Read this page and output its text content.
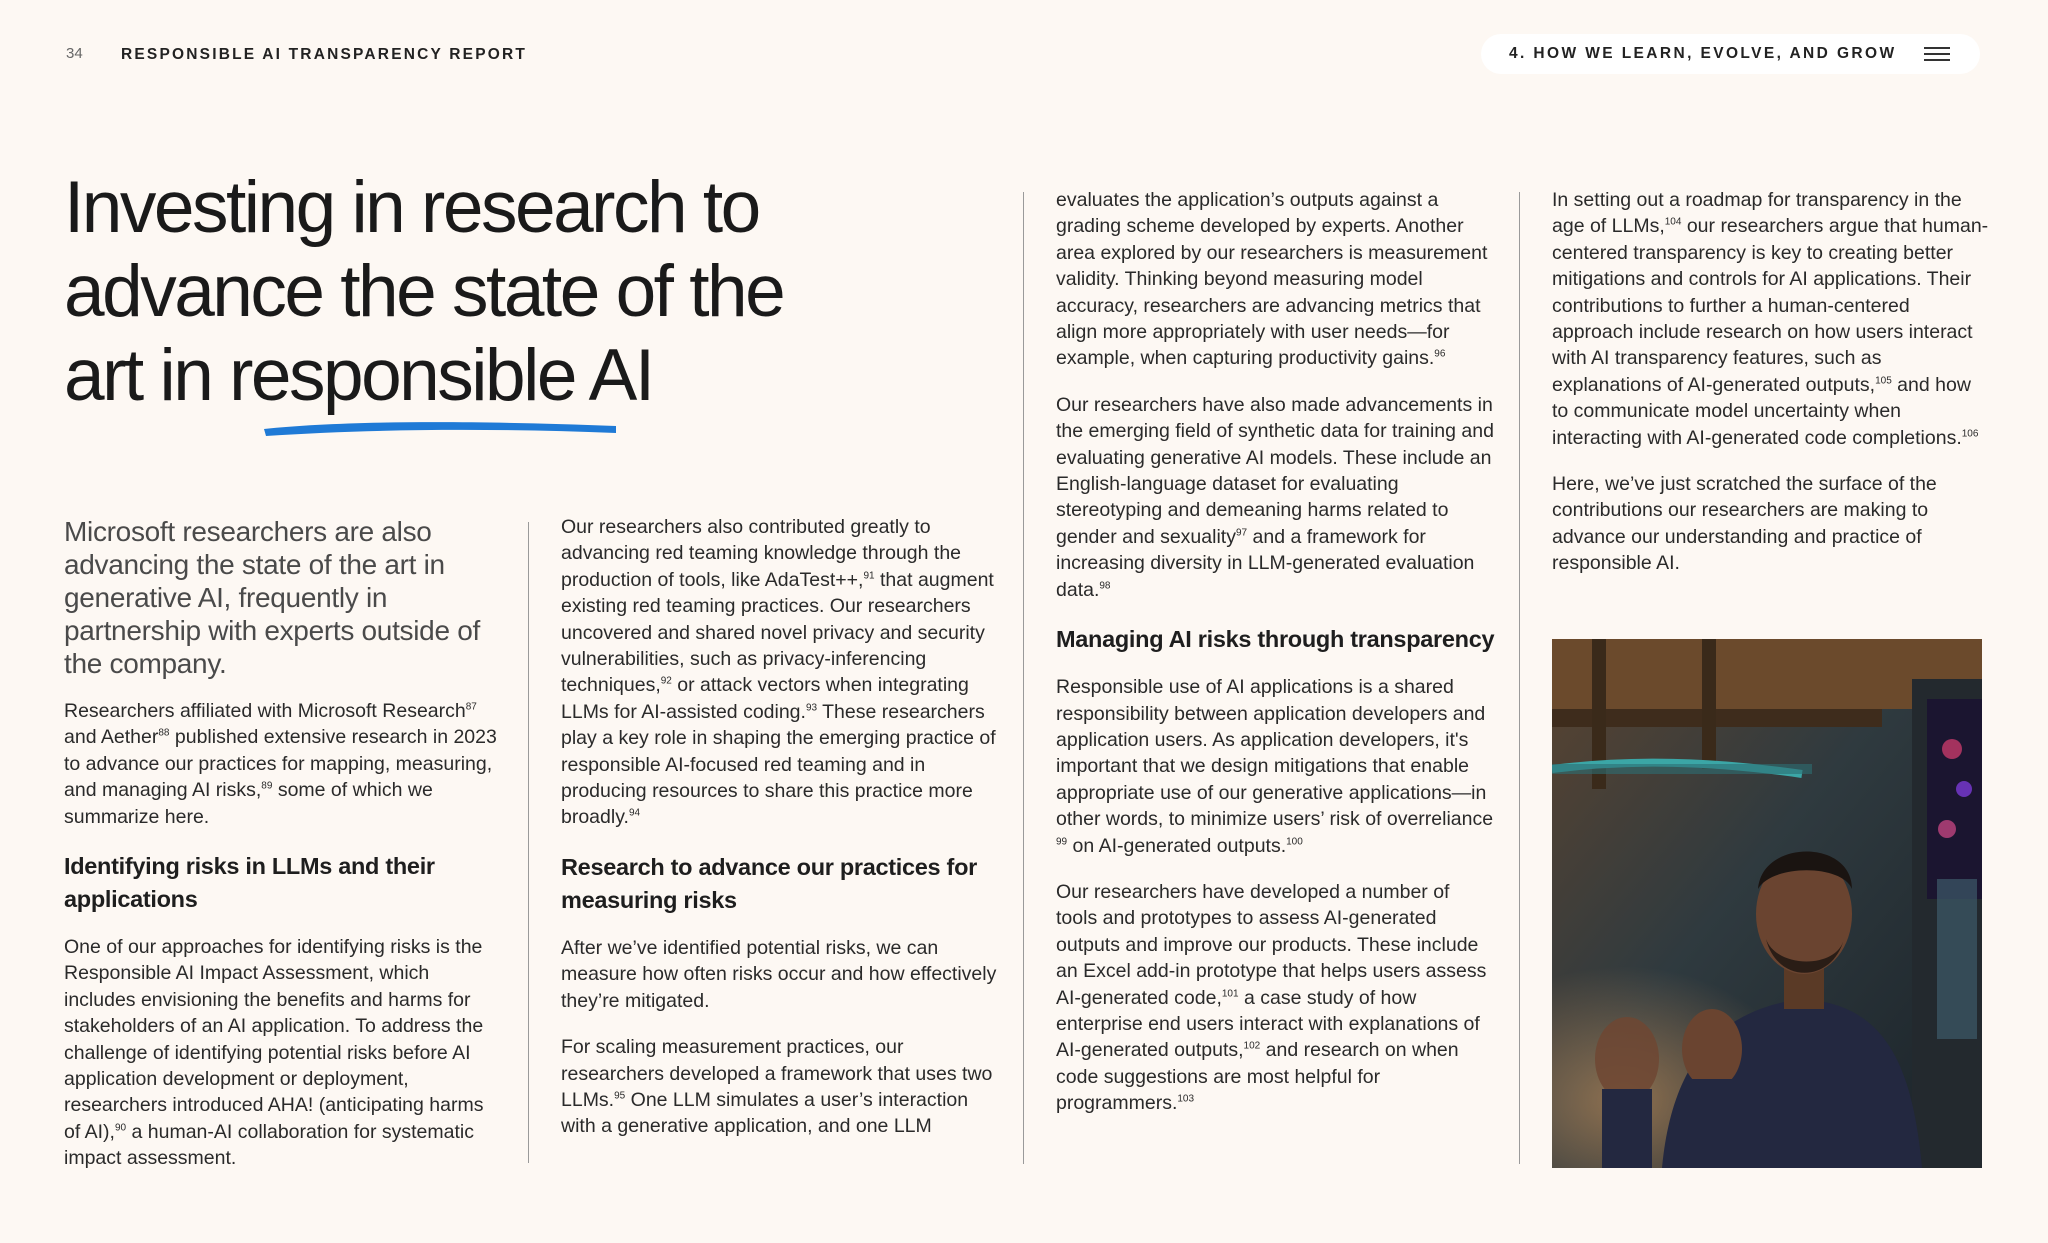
34 RESPONSIBLE AI TRANSPARENCY REPORT	4. HOW WE LEARN, EVOLVE, AND GROW
Investing in research to
advance the state of the
art in responsible AI

Microsoft researchers are also advancing the state of the art in generative AI, frequently in partnership with experts outside of the company.

Researchers affiliated with Microsoft Research$^{87}$ and Aether$^{88}$ published extensive research in 2023 to advance our practices for mapping, measuring, and managing AI risks,$^{89}$ some of which we summarize here.

Identifying risks in LLMs and their applications

One of our approaches for identifying risks is the Responsible AI Impact Assessment, which includes envisioning the benefits and harms for stakeholders of an AI application. To address the challenge of identifying potential risks before AI application development or deployment, researchers introduced AHA! (anticipating harms of AI),$^{90}$ a human-AI collaboration for systematic impact assessment.

Our researchers also contributed greatly to advancing red teaming knowledge through the production of tools, like AdaTest++,$^{91}$ that augment existing red teaming practices. Our researchers uncovered and shared novel privacy and security vulnerabilities, such as privacy-inferencing techniques,$^{92}$ or attack vectors when integrating LLMs for AI-assisted coding.$^{93}$ These researchers play a key role in shaping the emerging practice of responsible AI-focused red teaming and in producing resources to share this practice more broadly.$^{94}$

Research to advance our practices for measuring risks

After we’ve identified potential risks, we can measure how often risks occur and how effectively they’re mitigated.

For scaling measurement practices, our researchers developed a framework that uses two LLMs.$^{95}$ One LLM simulates a user’s interaction with a generative application, and one LLM

evaluates the application’s outputs against a grading scheme developed by experts. Another area explored by our researchers is measurement validity. Thinking beyond measuring model accuracy, researchers are advancing metrics that align more appropriately with user needs—for example, when capturing productivity gains.$^{96}$

Our researchers have also made advancements in the emerging field of synthetic data for training and evaluating generative AI models. These include an English-language dataset for evaluating stereotyping and demeaning harms related to gender and sexuality$^{97}$ and a framework for increasing diversity in LLM-generated evaluation data.$^{98}$

Managing AI risks through transparency

Responsible use of AI applications is a shared responsibility between application developers and application users. As application developers, it's important that we design mitigations that enable appropriate use of our generative applications—in other words, to minimize users’ risk of overreliance $^{99}$ on AI-generated outputs.$^{100}$

Our researchers have developed a number of tools and prototypes to assess AI-generated outputs and improve our products. These include an Excel add-in prototype that helps users assess AI-generated code,$^{101}$ a case study of how enterprise end users interact with explanations of AI-generated outputs,$^{102}$ and research on when code suggestions are most helpful for programmers.$^{103}$

In setting out a roadmap for transparency in the age of LLMs,$^{104}$ our researchers argue that human-centered transparency is key to creating better mitigations and controls for AI applications. Their contributions to further a human-centered approach include research on how users interact with AI transparency features, such as explanations of AI-generated outputs,$^{105}$ and how to communicate model uncertainty when interacting with AI-generated code completions.$^{106}$

Here, we’ve just scratched the surface of the contributions our researchers are making to advance our understanding and practice of responsible AI.
